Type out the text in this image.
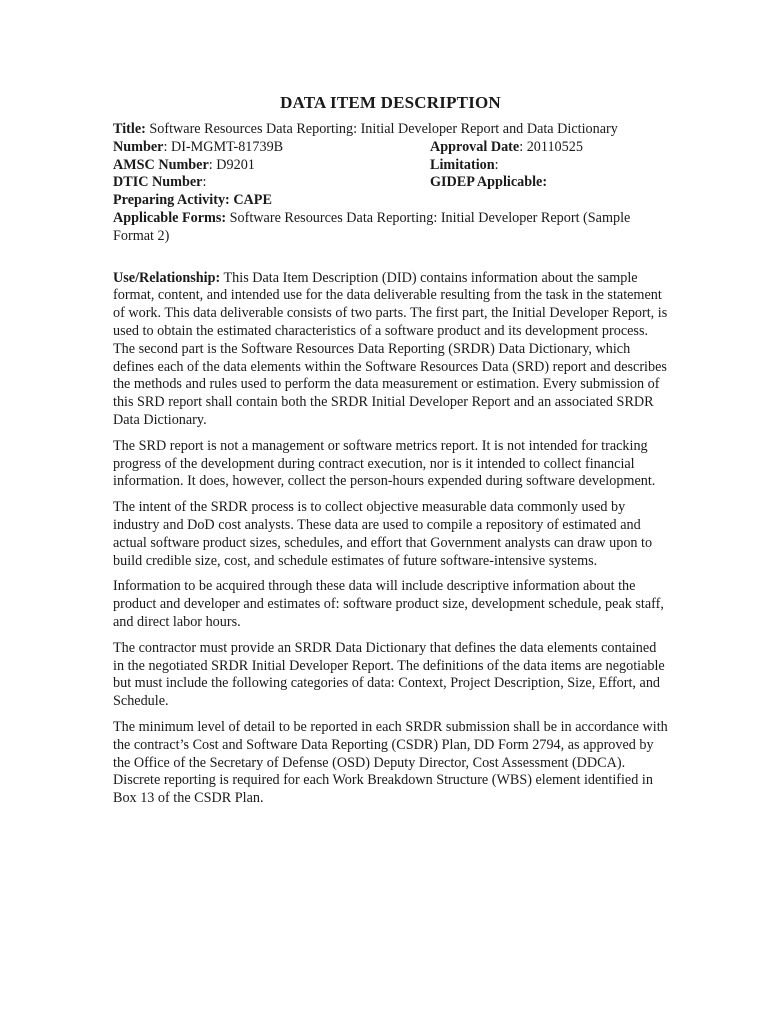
DATA ITEM DESCRIPTION
Title: Software Resources Data Reporting: Initial Developer Report and Data Dictionary
Number: DI-MGMT-81739B	Approval Date: 20110525
AMSC Number: D9201	Limitation:
DTIC Number:	GIDEP Applicable:
Preparing Activity: CAPE
Applicable Forms: Software Resources Data Reporting: Initial Developer Report (Sample Format 2)

Use/Relationship: This Data Item Description (DID) contains information about the sample format, content, and intended use for the data deliverable resulting from the task in the statement of work. This data deliverable consists of two parts. The first part, the Initial Developer Report, is used to obtain the estimated characteristics of a software product and its development process. The second part is the Software Resources Data Reporting (SRDR) Data Dictionary, which defines each of the data elements within the Software Resources Data (SRD) report and describes the methods and rules used to perform the data measurement or estimation. Every submission of this SRD report shall contain both the SRDR Initial Developer Report and an associated SRDR Data Dictionary.

The SRD report is not a management or software metrics report. It is not intended for tracking progress of the development during contract execution, nor is it intended to collect financial information. It does, however, collect the person-hours expended during software development.

The intent of the SRDR process is to collect objective measurable data commonly used by industry and DoD cost analysts. These data are used to compile a repository of estimated and actual software product sizes, schedules, and effort that Government analysts can draw upon to build credible size, cost, and schedule estimates of future software-intensive systems.

Information to be acquired through these data will include descriptive information about the product and developer and estimates of: software product size, development schedule, peak staff, and direct labor hours.

The contractor must provide an SRDR Data Dictionary that defines the data elements contained in the negotiated SRDR Initial Developer Report. The definitions of the data items are negotiable but must include the following categories of data: Context, Project Description, Size, Effort, and Schedule.

The minimum level of detail to be reported in each SRDR submission shall be in accordance with the contract’s Cost and Software Data Reporting (CSDR) Plan, DD Form 2794, as approved by the Office of the Secretary of Defense (OSD) Deputy Director, Cost Assessment (DDCA). Discrete reporting is required for each Work Breakdown Structure (WBS) element identified in Box 13 of the CSDR Plan.
